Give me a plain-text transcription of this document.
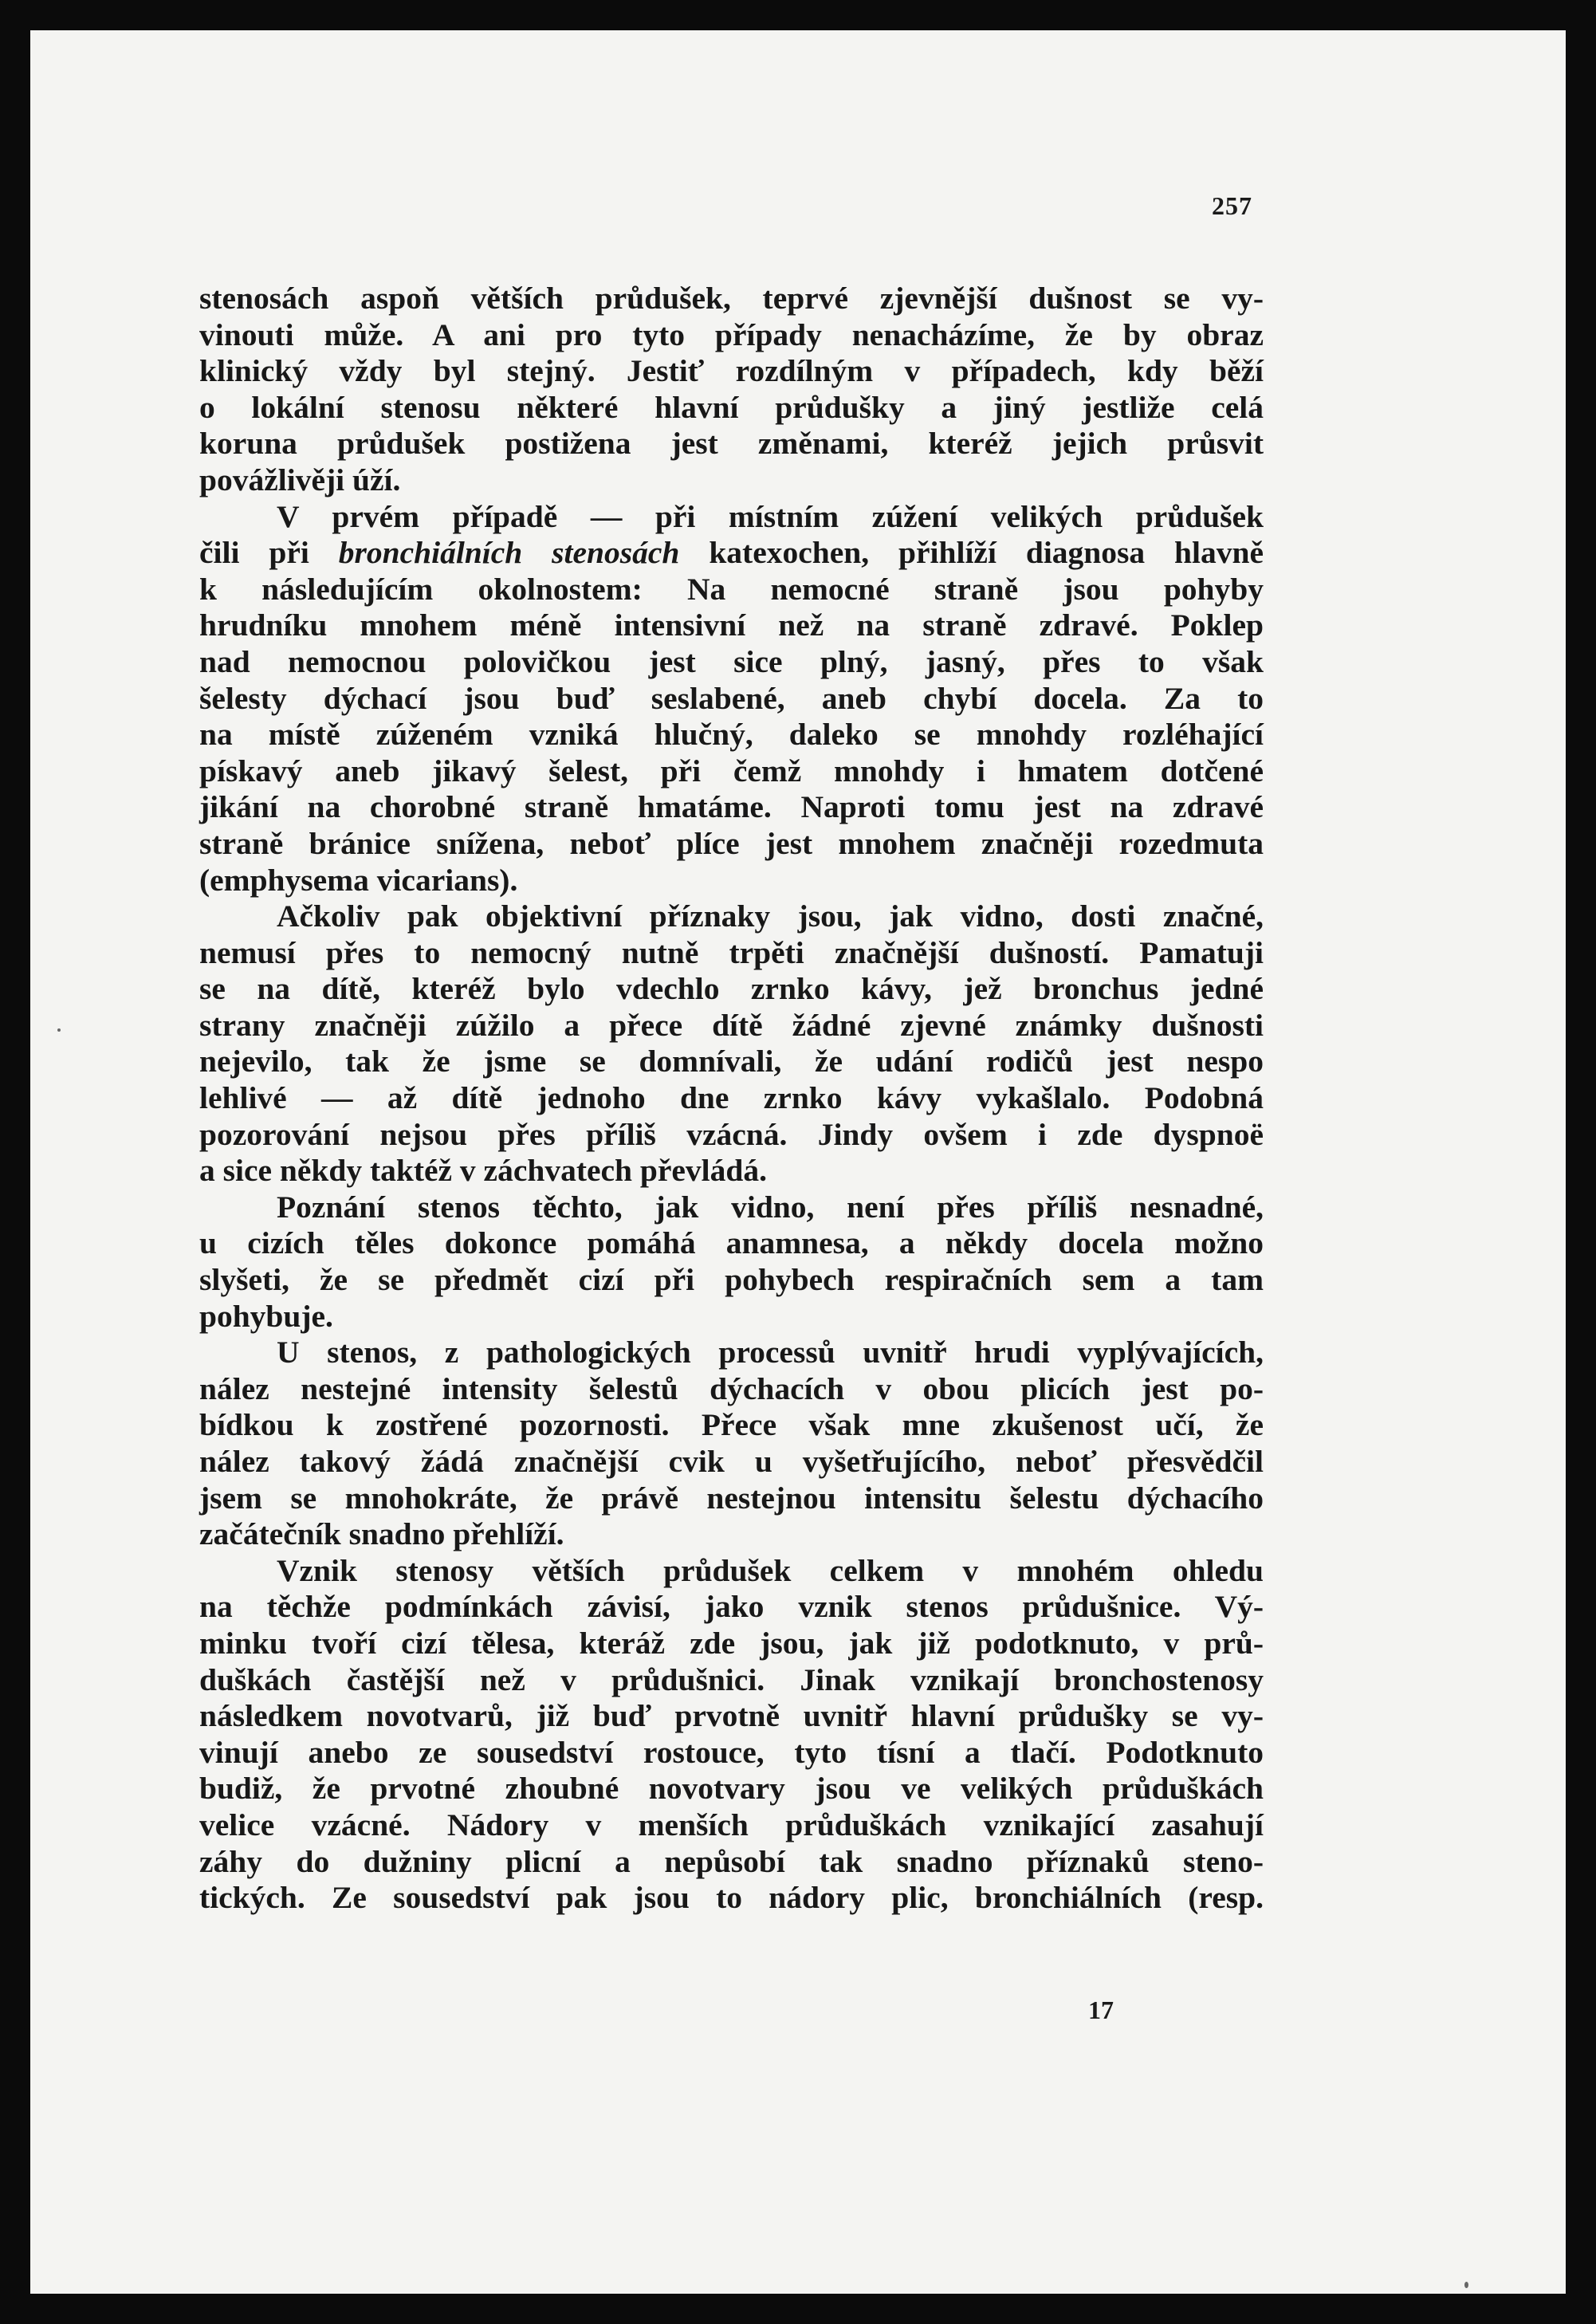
257

stenosách aspoň větších průdušek, teprvé zjevnější dušnost se vy-

vinouti může. A ani pro tyto případy nenacházíme, že by obraz

klinický vždy byl stejný. Jestiť rozdílným v případech, kdy běží

o lokální stenosu některé hlavní průdušky a jiný jestliže celá

koruna průdušek postižena jest změnami, kteréž jejich průsvit

povážlivěji úží.

V prvém případě — při místním zúžení velikých průdušek

čili při bronchiálních stenosách katexochen, přihlíží diagnosa hlavně

k následujícím okolnostem: Na nemocné straně jsou pohyby

hrudníku mnohem méně intensivní než na straně zdravé. Poklep

nad nemocnou polovičkou jest sice plný, jasný, přes to však

šelesty dýchací jsou buď seslabené, aneb chybí docela. Za to

na místě zúženém vzniká hlučný, daleko se mnohdy rozléhající

pískavý aneb jikavý šelest, při čemž mnohdy i hmatem dotčené

jikání na chorobné straně hmatáme. Naproti tomu jest na zdravé

straně bránice snížena, neboť plíce jest mnohem značněji rozedmuta

(emphysema vicarians).

Ačkoliv pak objektivní příznaky jsou, jak vidno, dosti značné,

nemusí přes to nemocný nutně trpěti značnější dušností. Pamatuji

se na dítě, kteréž bylo vdechlo zrnko kávy, jež bronchus jedné

strany značněji zúžilo a přece dítě žádné zjevné známky dušnosti

nejevilo, tak že jsme se domnívali, že udání rodičů jest nespo

lehlivé — až dítě jednoho dne zrnko kávy vykašlalo. Podobná

pozorování nejsou přes příliš vzácná. Jindy ovšem i zde dyspnoë

a sice někdy taktéž v záchvatech převládá.

Poznání stenos těchto, jak vidno, není přes příliš nesnadné,

u cizích těles dokonce pomáhá anamnesa, a někdy docela možno

slyšeti, že se předmět cizí při pohybech respiračních sem a tam

pohybuje.

U stenos, z pathologických processů uvnitř hrudi vyplývajících,

nález nestejné intensity šelestů dýchacích v obou plicích jest po-

bídkou k zostřené pozornosti. Přece však mne zkušenost učí, že

nález takový žádá značnější cvik u vyšetřujícího, neboť přesvědčil

jsem se mnohokráte, že právě nestejnou intensitu šelestu dýchacího

začátečník snadno přehlíží.

Vznik stenosy větších průdušek celkem v mnohém ohledu

na těchže podmínkách závisí, jako vznik stenos průdušnice. Vý-

minku tvoří cizí tělesa, kteráž zde jsou, jak již podotknuto, v prů-

duškách častější než v průdušnici. Jinak vznikají bronchostenosy

následkem novotvarů, již buď prvotně uvnitř hlavní průdušky se vy-

vinují anebo ze sousedství rostouce, tyto tísní a tlačí. Podotknuto

budiž, že prvotné zhoubné novotvary jsou ve velikých průduškách

velice vzácné. Nádory v menších průduškách vznikající zasahují

záhy do dužniny plicní a nepůsobí tak snadno příznaků steno-

tických. Ze sousedství pak jsou to nádory plic, bronchiálních (resp.

17
